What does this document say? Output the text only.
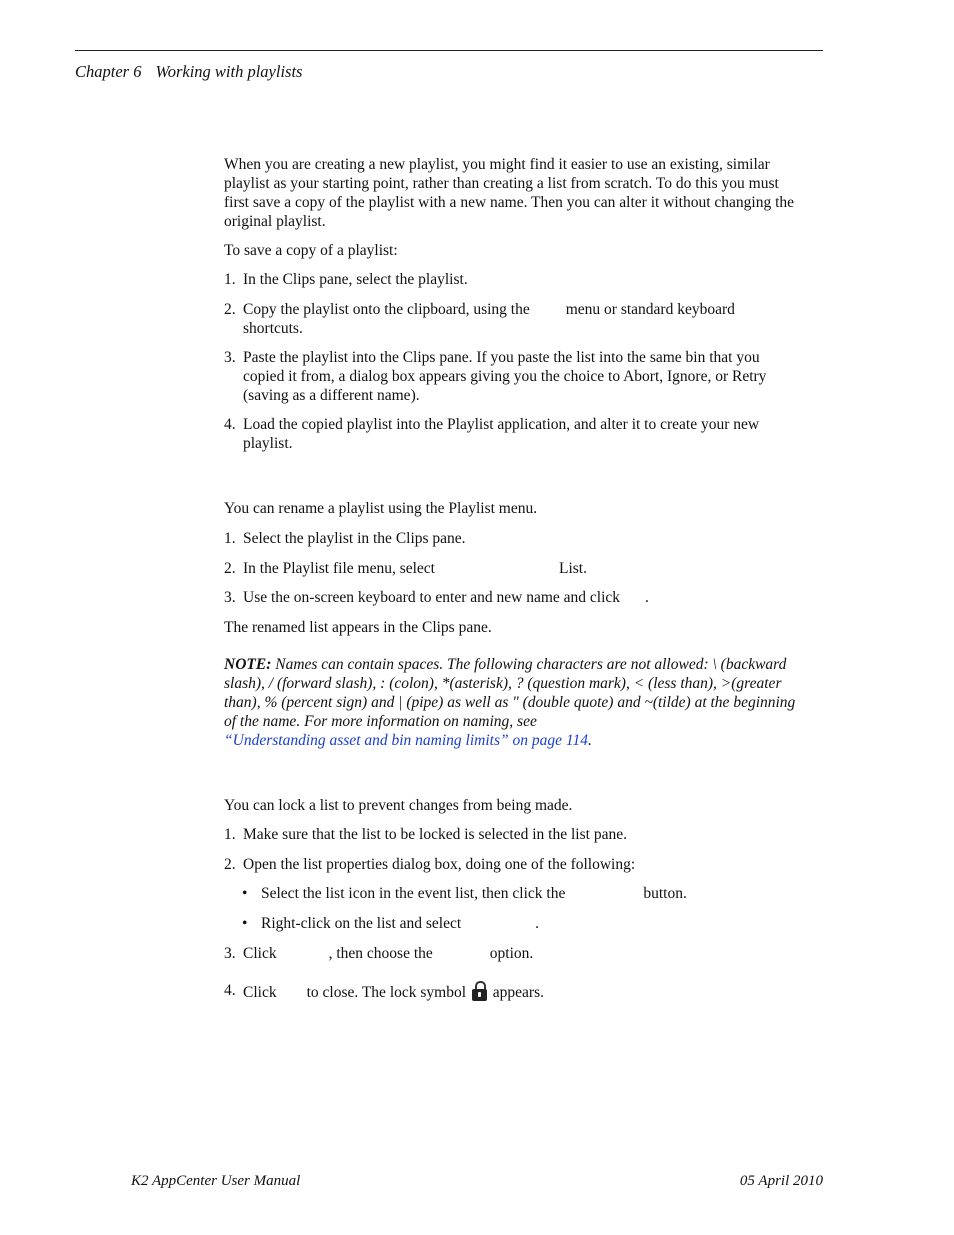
Chapter 6 Working with playlists
When you are creating a new playlist, you might find it easier to use an existing, similar playlist as your starting point, rather than creating a list from scratch. To do this you must first save a copy of the playlist with a new name. Then you can alter it without changing the original playlist.
To save a copy of a playlist:
1. In the Clips pane, select the playlist.
2. Copy the playlist onto the clipboard, using the menu or standard keyboard
shortcuts.
3. Paste the playlist into the Clips pane. If you paste the list into the same bin that you copied it from, a dialog box appears giving you the choice to Abort, Ignore, or Retry (saving as a different name).
4. Load the copied playlist into the Playlist application, and alter it to create your new playlist.
You can rename a playlist using the Playlist menu.
1. Select the playlist in the Clips pane.
2. In the Playlist file menu, select	List.
3. Use the on-screen keyboard to enter and new name and click .
The renamed list appears in the Clips pane.
NOTE: Names can contain spaces. The following characters are not allowed: \ (backward slash), / (forward slash), : (colon), *(asterisk), ? (question mark), < (less than), >(greater than), % (percent sign) and | (pipe) as well as " (double quote) and ~(tilde) at the beginning of the name. For more information on naming, see
“Understanding asset and bin naming limits” on page 114.
You can lock a list to prevent changes from being made.
1. Make sure that the list to be locked is selected in the list pane.
2. Open the list properties dialog box, doing one of the following:
• Select the list icon in the event list, then click the	button.
• Right-click on the list and select	.
3. Click	, then choose the	option.
4. Click to close. The lock symbol appears.
K2 AppCenter User Manual	05 April 2010
